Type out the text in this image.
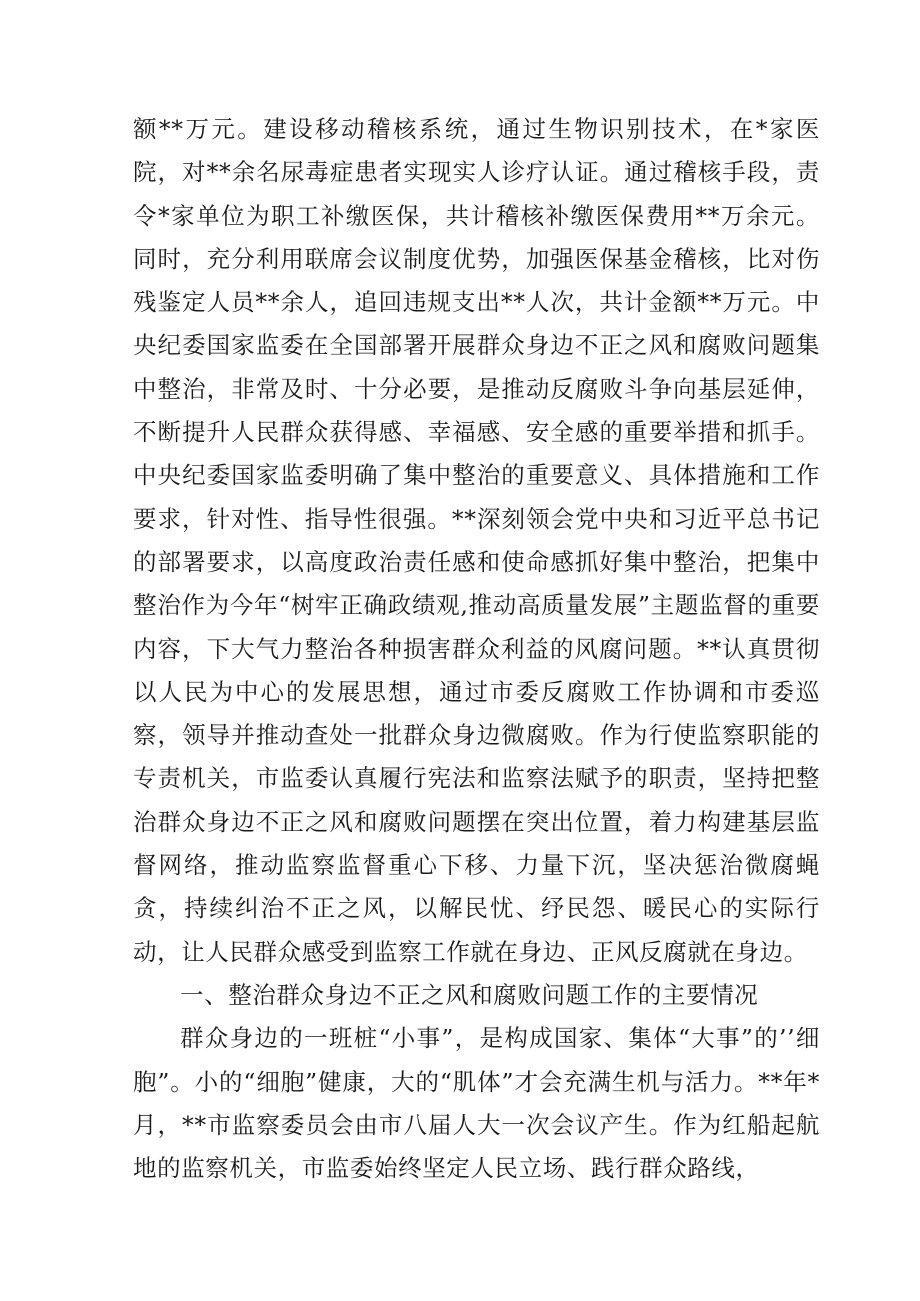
额**万元。建设移动稽核系统，通过生物识别技术，在*家医院，对**余名尿毒症患者实现实人诊疗认证。通过稽核手段，责令*家单位为职工补缴医保，共计稽核补缴医保费用**万余元。同时，充分利用联席会议制度优势，加强医保基金稽核，比对伤残鉴定人员**余人，追回违规支出**人次，共计金额**万元。中央纪委国家监委在全国部署开展群众身边不正之风和腐败问题集中整治，非常及时、十分必要，是推动反腐败斗争向基层延伸，不断提升人民群众获得感、幸福感、安全感的重要举措和抓手。中央纪委国家监委明确了集中整治的重要意义、具体措施和工作要求，针对性、指导性很强。**深刻领会党中央和习近平总书记的部署要求，以高度政治责任感和使命感抓好集中整治，把集中整治作为今年“树牢正确政绩观,推动高质量发展”主题监督的重要内容，下大气力整治各种损害群众利益的风腐问题。**认真贯彻以人民为中心的发展思想，通过市委反腐败工作协调和市委巡察，领导并推动查处一批群众身边微腐败。作为行使监察职能的专责机关，市监委认真履行宪法和监察法赋予的职责，坚持把整治群众身边不正之风和腐败问题摆在突出位置，着力构建基层监督网络，推动监察监督重心下移、力量下沉，坚决惩治微腐蝇贪，持续纠治不正之风，以解民忧、纾民怨、暖民心的实际行动，让人民群众感受到监察工作就在身边、正风反腐就在身边。

一、整治群众身边不正之风和腐败问题工作的主要情况

群众身边的一班桩“小事”，是构成国家、集体“大事”的’’细胞”。小的“细胞”健康，大的“肌体”才会充满生机与活力。**年*月，**市监察委员会由市八届人大一次会议产生。作为红船起航地的监察机关，市监委始终坚定人民立场、践行群众路线，
